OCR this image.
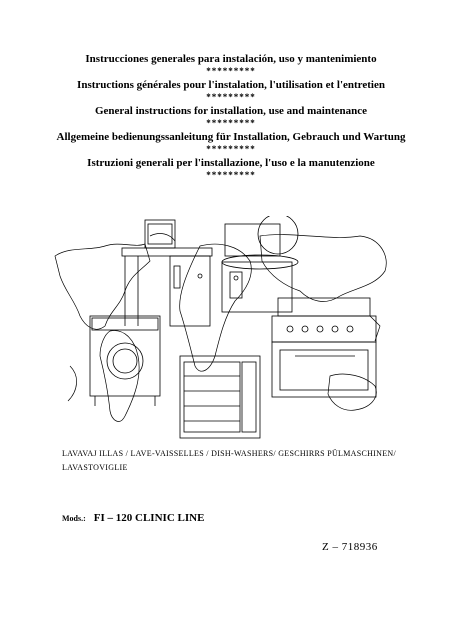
Instrucciones generales para instalación, uso y mantenimiento

*********

Instructions générales pour l'instalation, l'utilisation et l'entretien

*********

General instructions for installation, use and maintenance

*********

Allgemeine bedienungssanleitung für Installation, Gebrauch und Wartung

*********

Istruzioni generali per l'installazione, l'uso e la manutenzione

*********

LAVAVAJ ILLAS / LAVE-VAISSELLES / DISH-WASHERS/ GESCHIRRS PÜLMASCHINEN/ LAVASTOVIGLIE
Mods.: FI – 120 CLINIC LINE
Z – 718936
